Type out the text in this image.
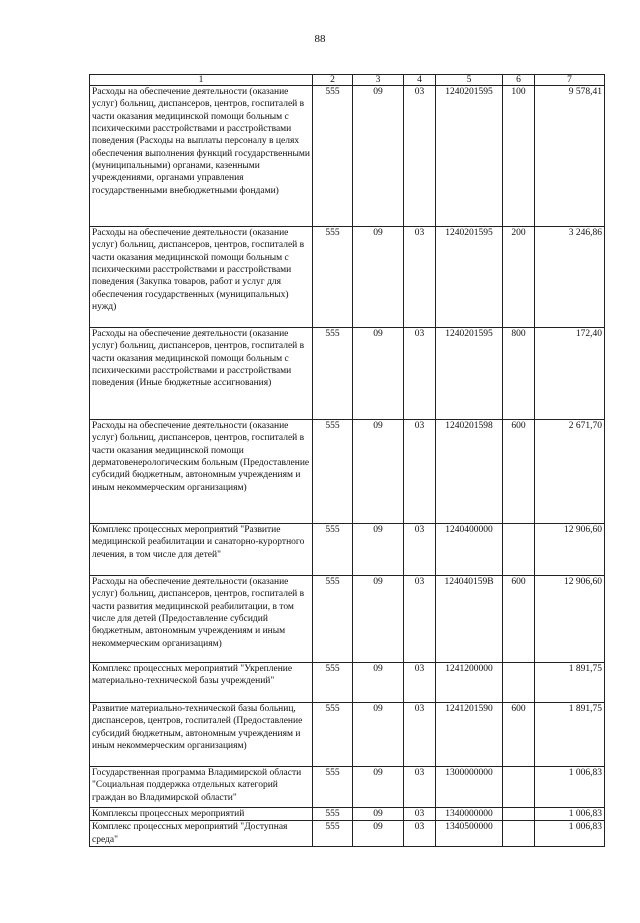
88
1	2	3	4	5	6	7
Расходы на обеспечение деятельности (оказание услуг) больниц, диспансеров, центров, госпиталей в части оказания медицинской помощи больным с психическими расстройствами и расстройствами поведения (Расходы на выплаты персоналу в целях обеспечения выполнения функций государственными (муниципальными) органами, казенными учреждениями, органами управления государственными внебюджетными фондами)	555	09	03	1240201595	100	9 578,41
Расходы на обеспечение деятельности (оказание услуг) больниц, диспансеров, центров, госпиталей в части оказания медицинской помощи больным с психическими расстройствами и расстройствами поведения (Закупка товаров, работ и услуг для обеспечения государственных (муниципальных) нужд)	555	09	03	1240201595	200	3 246,86
Расходы на обеспечение деятельности (оказание услуг) больниц, диспансеров, центров, госпиталей в части оказания медицинской помощи больным с психическими расстройствами и расстройствами поведения (Иные бюджетные ассигнования)	555	09	03	1240201595	800	172,40
Расходы на обеспечение деятельности (оказание услуг) больниц, диспансеров, центров, госпиталей в части оказания медицинской помощи дерматовенерологическим больным (Предоставление субсидий бюджетным, автономным учреждениям и иным некоммерческим организациям)	555	09	03	1240201598	600	2 671,70
Комплекс процессных мероприятий "Развитие медицинской реабилитации и санаторно-курортного лечения, в том числе для детей"	555	09	03	1240400000		12 906,60
Расходы на обеспечение деятельности (оказание услуг) больниц, диспансеров, центров, госпиталей в части развития медицинской реабилитации, в том числе для детей (Предоставление субсидий бюджетным, автономным учреждениям и иным некоммерческим организациям)	555	09	03	124040159В	600	12 906,60
Комплекс процессных мероприятий "Укрепление материально-технической базы учреждений"	555	09	03	1241200000		1 891,75
Развитие материально-технической базы больниц, диспансеров, центров, госпиталей (Предоставление субсидий бюджетным, автономным учреждениям и иным некоммерческим организациям)	555	09	03	1241201590	600	1 891,75
Государственная программа Владимирской области "Социальная поддержка отдельных категорий граждан во Владимирской области"	555	09	03	1300000000		1 006,83
Комплексы процессных мероприятий	555	09	03	1340000000		1 006,83
Комплекс процессных мероприятий "Доступная среда"	555	09	03	1340500000		1 006,83
